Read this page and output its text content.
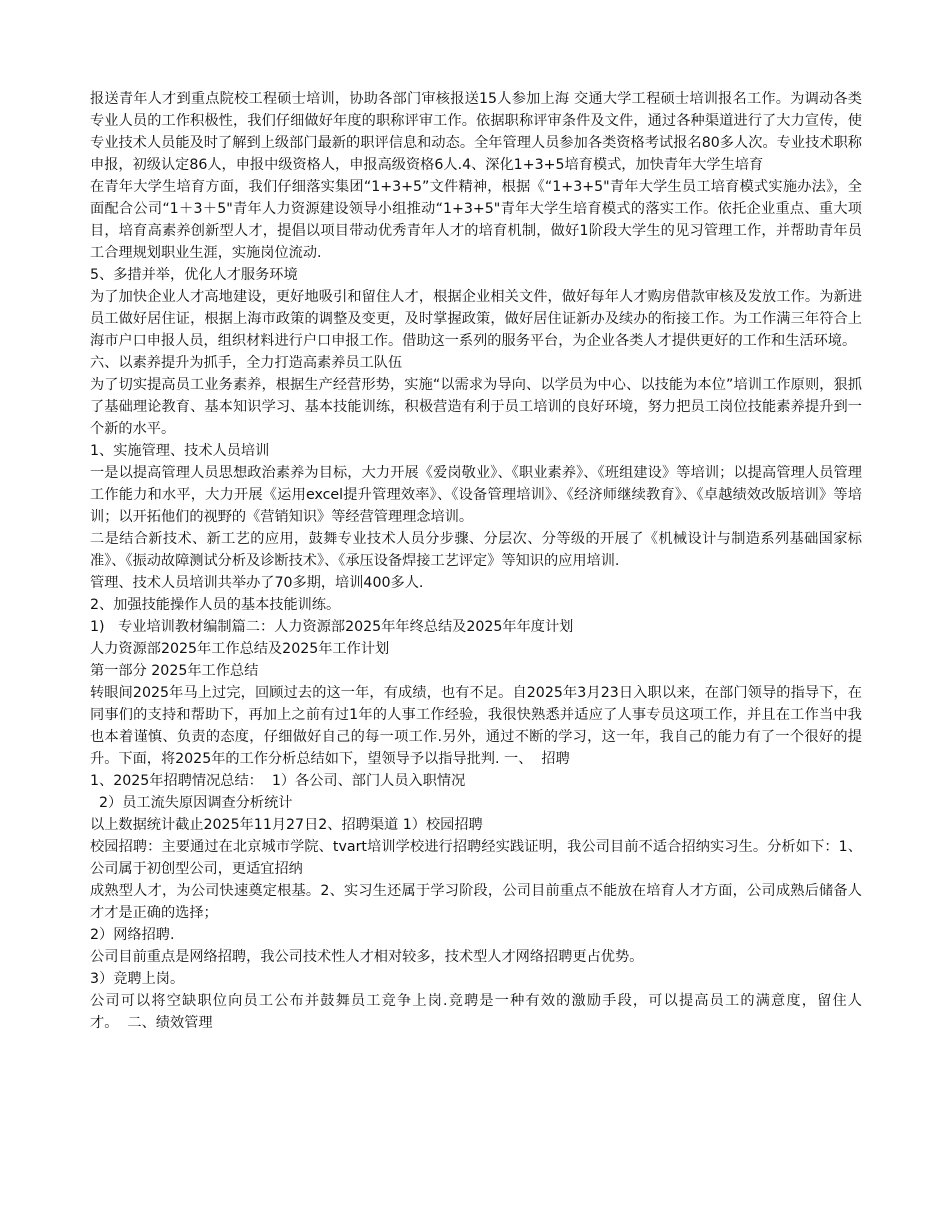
报送青年人才到重点院校工程硕士培训，协助各部门审核报送15人参加上海 交通大学工程硕士培训报名工作。为调动各类专业人员的工作积极性，我们仔细做好年度的职称评审工作。依据职称评审条件及文件，通过各种渠道进行了大力宣传，使专业技术人员能及时了解到上级部门最新的职评信息和动态。全年管理人员参加各类资格考试报名80多人次。专业技术职称申报，初级认定86人，申报中级资格人，申报高级资格6人.4、深化1+3+5培育模式，加快青年大学生培育

在青年大学生培育方面，我们仔细落实集团“1+3+5”文件精神，根据《“1+3+5"青年大学生员工培育模式实施办法》，全面配合公司“1＋3＋5"青年人力资源建设领导小组推动“1+3+5"青年大学生培育模式的落实工作。依托企业重点、重大项目，培育高素养创新型人才，提倡以项目带动优秀青年人才的培育机制，做好1阶段大学生的见习管理工作，并帮助青年员工合理规划职业生涯，实施岗位流动.

5、多措并举，优化人才服务环境

为了加快企业人才高地建设，更好地吸引和留住人才，根据企业相关文件，做好每年人才购房借款审核及发放工作。为新进员工做好居住证，根据上海市政策的调整及变更，及时掌握政策，做好居住证新办及续办的衔接工作。为工作满三年符合上海市户口申报人员，组织材料进行户口申报工作。借助这一系列的服务平台，为企业各类人才提供更好的工作和生活环境。

六、以素养提升为抓手，全力打造高素养员工队伍

为了切实提高员工业务素养，根据生产经营形势，实施“以需求为导向、以学员为中心、以技能为本位”培训工作原则，狠抓了基础理论教育、基本知识学习、基本技能训练，积极营造有利于员工培训的良好环境，努力把员工岗位技能素养提升到一个新的水平。

1、实施管理、技术人员培训

一是以提高管理人员思想政治素养为目标，大力开展《爱岗敬业》、《职业素养》、《班组建设》等培训；以提高管理人员管理工作能力和水平，大力开展《运用excel提升管理效率》、《设备管理培训》、《经济师继续教育》、《卓越绩效改版培训》等培训；以开拓他们的视野的《营销知识》等经营管理理念培训。

二是结合新技术、新工艺的应用，鼓舞专业技术人员分步骤、分层次、分等级的开展了《机械设计与制造系列基础国家标准》、《振动故障测试分析及诊断技术》、《承压设备焊接工艺评定》等知识的应用培训.

管理、技术人员培训共举办了70多期，培训400多人.

2、加强技能操作人员的基本技能训练。

1)   专业培训教材编制篇二：人力资源部2025年年终总结及2025年年度计划

人力资源部2025年工作总结及2025年工作计划

第一部分 2025年工作总结

转眼间2025年马上过完，回顾过去的这一年，有成绩，也有不足。自2025年3月23日入职以来，在部门领导的指导下，在同事们的支持和帮助下，再加上之前有过1年的人事工作经验，我很快熟悉并适应了人事专员这项工作，并且在工作当中我也本着谨慎、负责的态度，仔细做好自己的每一项工作.另外，通过不断的学习，这一年，我自己的能力有了一个很好的提升。下面，将2025年的工作分析总结如下，望领导予以指导批判. 一、  招聘

1、2025年招聘情况总结：  1）各公司、部门人员入职情况

2）员工流失原因调查分析统计

以上数据统计截止2025年11月27日2、招聘渠道 1）校园招聘

校园招聘：主要通过在北京城市学院、tvart培训学校进行招聘经实践证明，我公司目前不适合招纳实习生。分析如下：1、公司属于初创型公司，更适宜招纳

成熟型人才，为公司快速奠定根基。2、实习生还属于学习阶段，公司目前重点不能放在培育人才方面，公司成熟后储备人才才是正确的选择；

2）网络招聘.

公司目前重点是网络招聘，我公司技术性人才相对较多，技术型人才网络招聘更占优势。

3）竞聘上岗。

公司可以将空缺职位向员工公布并鼓舞员工竞争上岗.竞聘是一种有效的激励手段，可以提高员工的满意度，留住人才。  二、绩效管理
